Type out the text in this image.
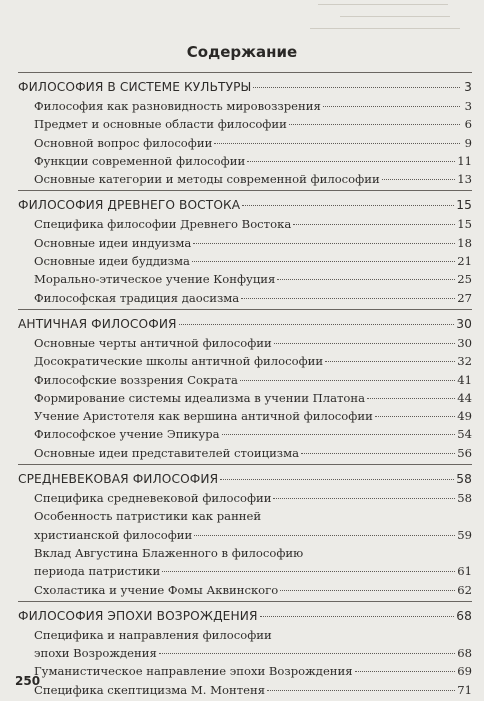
Содержание
ФИЛОСОФИЯ В СИСТЕМЕ КУЛЬТУРЫ	3
Философия как разновидность мировоззрения	3
Предмет и основные области философии	6
Основной вопрос философии	9
Функции современной философии	11
Основные категории и методы современной философии	13
ФИЛОСОФИЯ ДРЕВНЕГО ВОСТОКА	15
Специфика философии Древнего Востока	15
Основные идеи индуизма	18
Основные идеи буддизма	21
Морально-этическое учение Конфуция	25
Философская традиция даосизма	27
АНТИЧНАЯ ФИЛОСОФИЯ	30
Основные черты античной философии	30
Досократические школы античной философии	32
Философские воззрения Сократа	41
Формирование системы идеализма в учении Платона	44
Учение Аристотеля как вершина античной философии	49
Философское учение Эпикура	54
Основные идеи представителей стоицизма	56
СРЕДНЕВЕКОВАЯ ФИЛОСОФИЯ	58
Специфика средневековой философии	58
Особенность патристики как ранней
христианской философии	59
Вклад Августина Блаженного в философию
периода патристики	61
Схоластика и учение Фомы Аквинского	62
ФИЛОСОФИЯ ЭПОХИ ВОЗРОЖДЕНИЯ	68
Специфика и направления философии
эпохи Возрождения	68
Гуманистическое направление эпохи Возрождения	69
Специфика скептицизма М. Монтеня	71
250
